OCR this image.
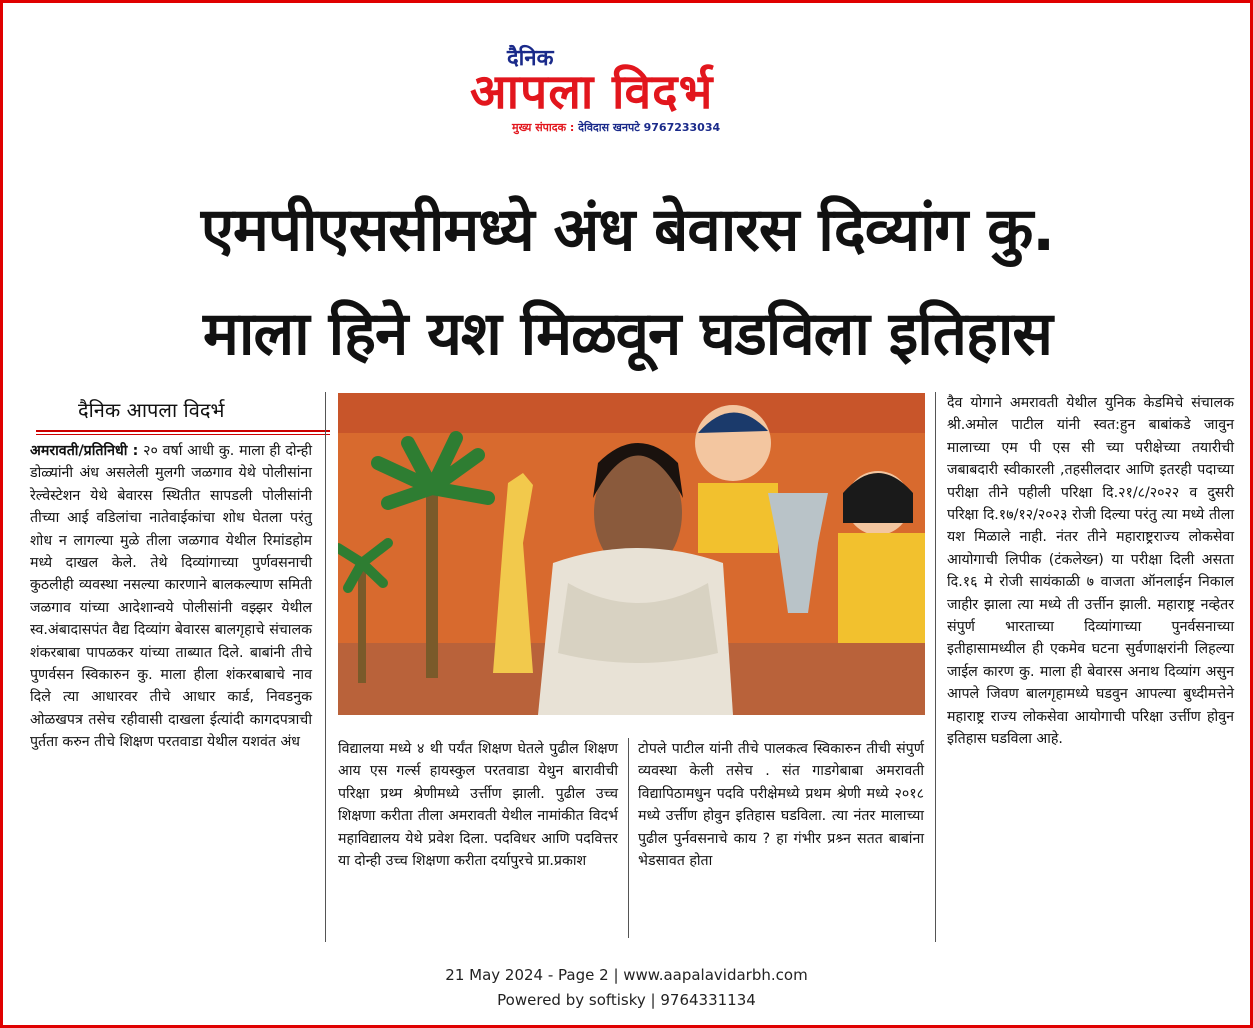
दैनिक
आपला विदर्भ
मुख्य संपादक : देविदास खनपटे 9767233034
एमपीएससीमध्ये अंध बेवारस दिव्यांग कु.
माला हिने यश मिळवून घडविला इतिहास
दैनिक आपला विदर्भ
अमरावती/प्रतिनिधी : २० वर्षा आधी कु. माला ही दोन्ही डोळ्यांनी अंध असलेली मुलगी जळगाव येथे पोलीसांना रेल्वेस्टेशन येथे बेवारस स्थितीत सापडली पोलीसांनी तीच्या आई वडिलांचा नातेवाईकांचा शोध घेतला परंतु शोध न लागल्या मुळे तीला जळगाव येथील रिमांडहोम मध्ये दाखल केले. तेथे दिव्यांगाच्या पुर्णवसनाची कुठलीही व्यवस्था नसल्या कारणाने बालकल्याण समिती जळगाव यांच्या आदेशान्वये पोलीसांनी वझ्झर येथील स्व.अंबादासपंत वैद्य दिव्यांग बेवारस बालगृहाचे संचालक शंकरबाबा पापळकर यांच्या ताब्यात दिले. बाबांनी तीचे पुणर्वसन स्विकारुन कु. माला हीला शंकरबाबाचे नाव दिले त्या आधारवर तीचे आधार कार्ड, निवडनुक ओळखपत्र तसेच रहीवासी दाखला ईत्यांदी कागदपत्राची पुर्तता करुन तीचे शिक्षण परतवाडा येथील यशवंत अंध	विद्यालया मध्ये ४ थी पर्यंत शिक्षण घेतले पुढील शिक्षण आय एस गर्ल्स हायस्कुल परतवाडा येथुन बारावीची परिक्षा प्रथ्म श्रेणीमध्ये उर्त्तीण झाली. पुढील उच्च शिक्षणा करीता तीला अमरावती येथील नामांकीत विदर्भ महाविद्यालय येथे प्रवेश दिला. पदविधर आणि पदवित्तर या दोन्ही उच्च शिक्षणा करीता दर्यापुरचे प्रा.प्रकाश
टोपले पाटील यांनी तीचे पालकत्व स्विकारुन तीची संपुर्ण व्यवस्था केली तसेच . संत गाडगेबाबा अमरावती विद्यापिठामधुन पदवि परीक्षेमध्ये प्रथम श्रेणी मध्ये २०१८ मध्ये उर्त्तीण होवुन इतिहास घडविला. त्या नंतर मालाच्या पुढील पुर्नवसनाचे काय ? हा गंभीर प्रश्र्न सतत बाबांना भेडसावत होता
दैव योगाने अमरावती येथील युनिक केडमिचे संचालक श्री.अमोल पाटील यांनी स्वत:हुन बाबांकडे जावुन मालाच्या एम पी एस सी च्या परीक्षेच्या तयारीची जबाबदारी स्वीकारली ,तहसीलदार आणि इतरही पदाच्या परीक्षा तीने पहीली परिक्षा दि.२१/८/२०२२ व दुसरी परिक्षा दि.१७/१२/२०२३ रोजी दिल्या परंतु त्या मध्ये तीला यश मिळाले नाही. नंतर तीने महाराष्ट्रराज्य लोकसेवा आयोगाची लिपीक (टंकलेख्न) या परीक्षा दिली असता दि.१६ मे रोजी सायंकाळी ७ वाजता ऑनलाईन निकाल जाहीर झाला त्या मध्ये ती उर्त्तीन झाली. महाराष्ट्र नव्हेतर संपुर्ण भारताच्या दिव्यांगाच्या पुनर्वसनाच्या इतीहासामध्यील ही एकमेव घटना सुर्वणाक्षरांनी लिहल्या जाईल कारण कु. माला ही बेवारस अनाथ दिव्यांग असुन आपले जिवण बालगृहामध्ये घडवुन आपल्या बुध्दीमत्तेने महाराष्ट्र राज्य लोकसेवा आयोगाची परिक्षा उर्त्तीण होवुन इतिहास घडविला आहे.
21 May 2024 - Page 2 | www.aapalavidarbh.com
Powered by softisky | 9764331134
